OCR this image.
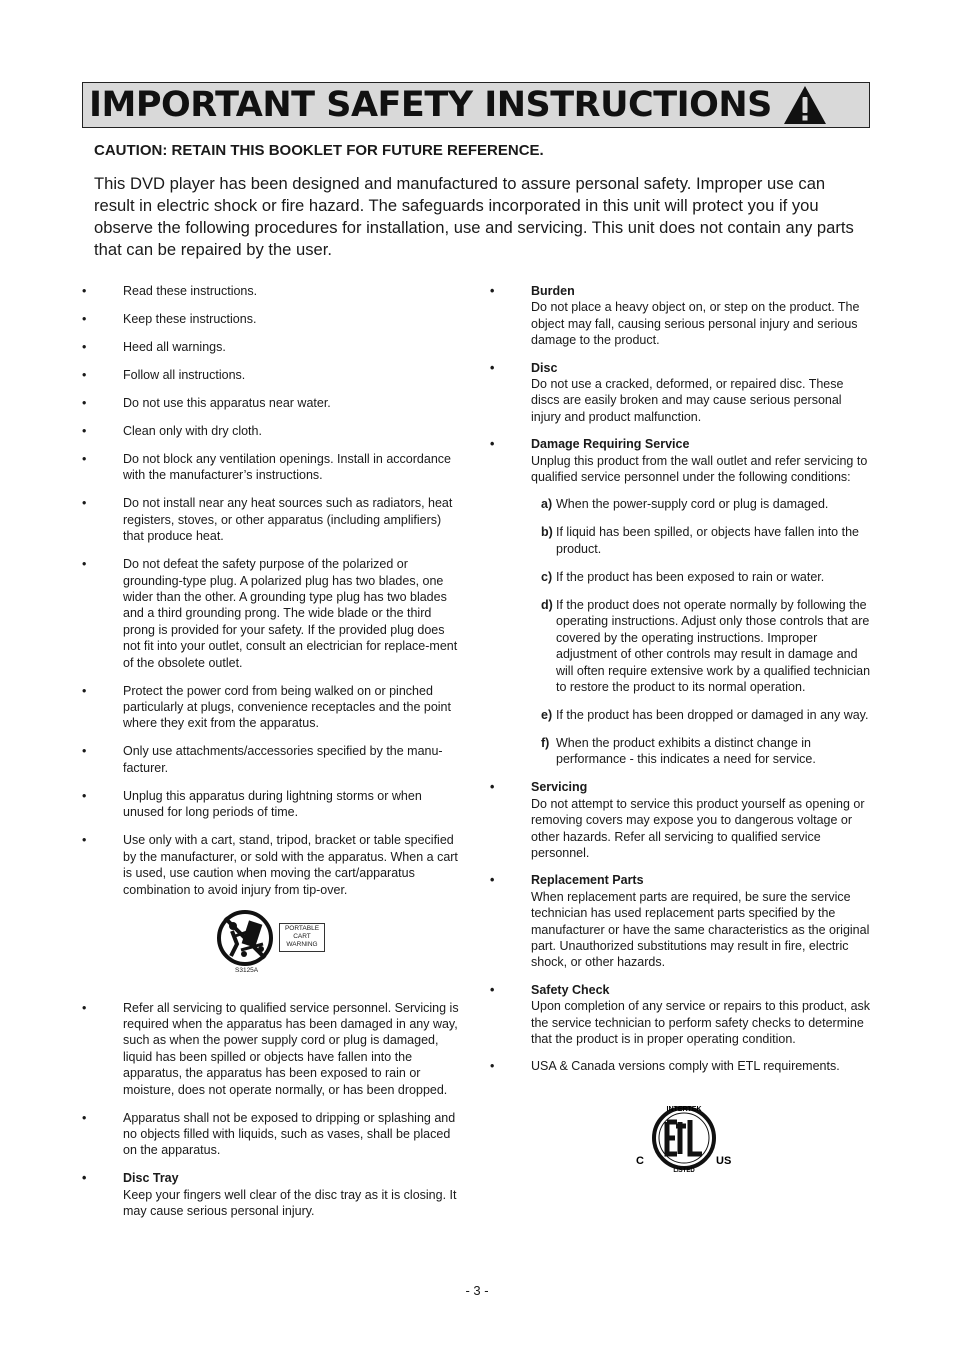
IMPORTANT SAFETY INSTRUCTIONS
CAUTION: RETAIN THIS BOOKLET FOR FUTURE REFERENCE.
This DVD player has been designed and manufactured to assure personal safety. Improper use can result in electric shock or fire hazard. The safeguards incorporated in this unit will protect you if you observe the following procedures for installation, use and servicing. This unit does not contain any parts that can be repaired by the user.
•	Read these instructions.
•	Keep these instructions.
•	Heed all warnings.
•	Follow all instructions.
•	Do not use this apparatus near water.
•	Clean only with dry cloth.
•	Do not block any ventilation openings. Install in accordance with the manufacturer’s instructions.
•	Do not install near any heat sources such as radiators, heat registers, stoves, or other apparatus (including amplifiers) that produce heat.
•	Do not defeat the safety purpose of the polarized or grounding-type plug. A polarized plug has two blades, one wider than the other. A grounding type plug has two blades and a third grounding prong. The wide blade or the third prong is provided for your safety. If the provided plug does not fit into your outlet, consult an electrician for replace-ment of the obsolete outlet.
•	Protect the power cord from being walked on or pinched particularly at plugs, convenience receptacles and the point where they exit from the apparatus.
•	Only use attachments/accessories specified by the manu-facturer.
•	Unplug this apparatus during lightning storms or when unused for long periods of time.
•	Use only with a cart, stand, tripod, bracket or table specified by the manufacturer, or sold with the apparatus. When a cart is used, use caution when moving the cart/apparatus combination to avoid injury from tip-over.
PORTABLE CART WARNING
S3125A
•	Refer all servicing to qualified service personnel. Servicing is required when the apparatus has been damaged in any way, such as when the power supply cord or plug is damaged, liquid has been spilled or objects have fallen into the apparatus, the apparatus has been exposed to rain or moisture, does not operate normally, or has been dropped.
•	Apparatus shall not be exposed to dripping or splashing and no objects filled with liquids, such as vases, shall be placed on the apparatus.
•	Disc Tray
Keep your fingers well clear of the disc tray as it is closing. It may cause serious personal injury.
•	Burden
Do not place a heavy object on, or step on the product. The object may fall, causing serious personal injury and serious damage to the product.
•	Disc
Do not use a cracked, deformed, or repaired disc. These discs are easily broken and may cause serious personal injury and product malfunction.
•	Damage Requiring Service
Unplug this product from the wall outlet and refer servicing to qualified service personnel under the following conditions:
a) When the power-supply cord or plug is damaged.
b) If liquid has been spilled, or objects have fallen into the product.
c) If the product has been exposed to rain or water.
d) If the product does not operate normally by following the operating instructions. Adjust only those controls that are covered by the operating instructions. Improper adjustment of other controls may result in damage and will often require extensive work by a qualified technician to restore the product to its normal operation.
e) If the product has been dropped or damaged in any way.
f) When the product exhibits a distinct change in performance - this indicates a need for service.
•	Servicing
Do not attempt to service this product yourself as opening or removing covers may expose you to dangerous voltage or other hazards. Refer all servicing to qualified service personnel.
•	Replacement Parts
When replacement parts are required, be sure the service technician has used replacement parts specified by the manufacturer or have the same characteristics as the original part. Unauthorized substitutions may result in fire, electric shock, or other hazards.
•	Safety Check
Upon completion of any service or repairs to this product, ask the service technician to perform safety checks to determine that the product is in proper operating condition.
•	USA & Canada versions comply with ETL requirements.
INTERTEK
LISTED
C	US
- 3 -
